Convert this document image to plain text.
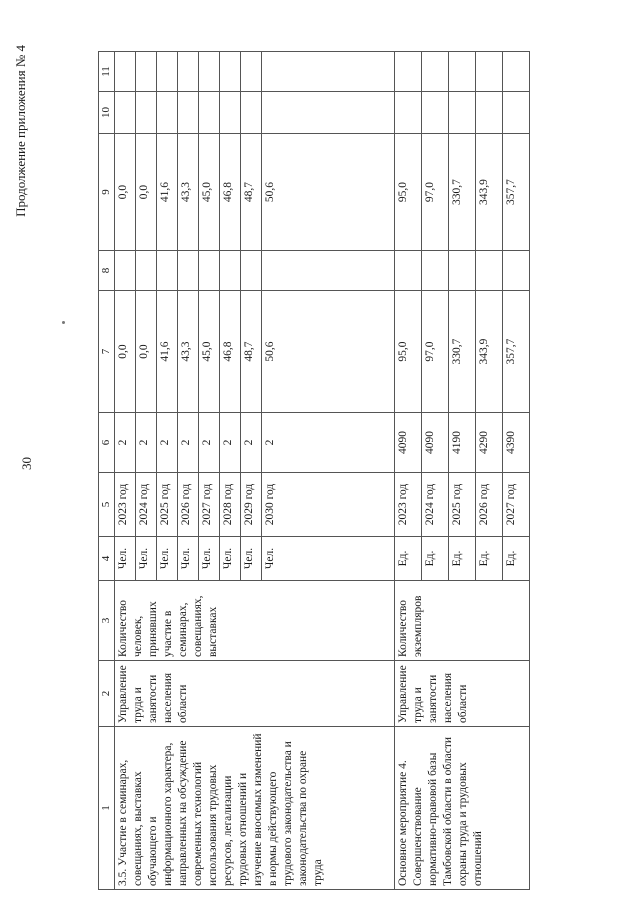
30
Продолжение приложения № 4
1	2	3	4	5	6	7	8	9	10	11
3.5. Участие в семинарах, совещаниях, выставках обучающего и информационного характера, направленных на обсуждение современных технологий использования трудовых ресурсов, легализации трудовых отношений и изучение вносимых изменений в нормы действующего трудового законодательства и законодательства по охране труда	Управление труда и занятости населения области	Количество человек, принявших участие в семинарах, совещаниях, выставках	Чел.	2023 год	2	0,0		0,0		
			Чел.	2024 год	2	0,0		0,0		
			Чел.	2025 год	2	41,6		41,6		
			Чел.	2026 год	2	43,3		43,3		
			Чел.	2027 год	2	45,0		45,0		
			Чел.	2028 год	2	46,8		46,8		
			Чел.	2029 год	2	48,7		48,7		
			Чел.	2030 год	2	50,6		50,6		
Основное мероприятие 4. Совершенствование нормативно-правовой базы Тамбовской области в области охраны труда и трудовых отношений	Управление труда и занятости населения области	Количество экземпляров	Ед.	2023 год	4090	95,0		95,0		
			Ед.	2024 год	4090	97,0		97,0		
			Ед.	2025 год	4190	330,7		330,7		
			Ед.	2026 год	4290	343,9		343,9		
			Ед.	2027 год	4390	357,7		357,7		
